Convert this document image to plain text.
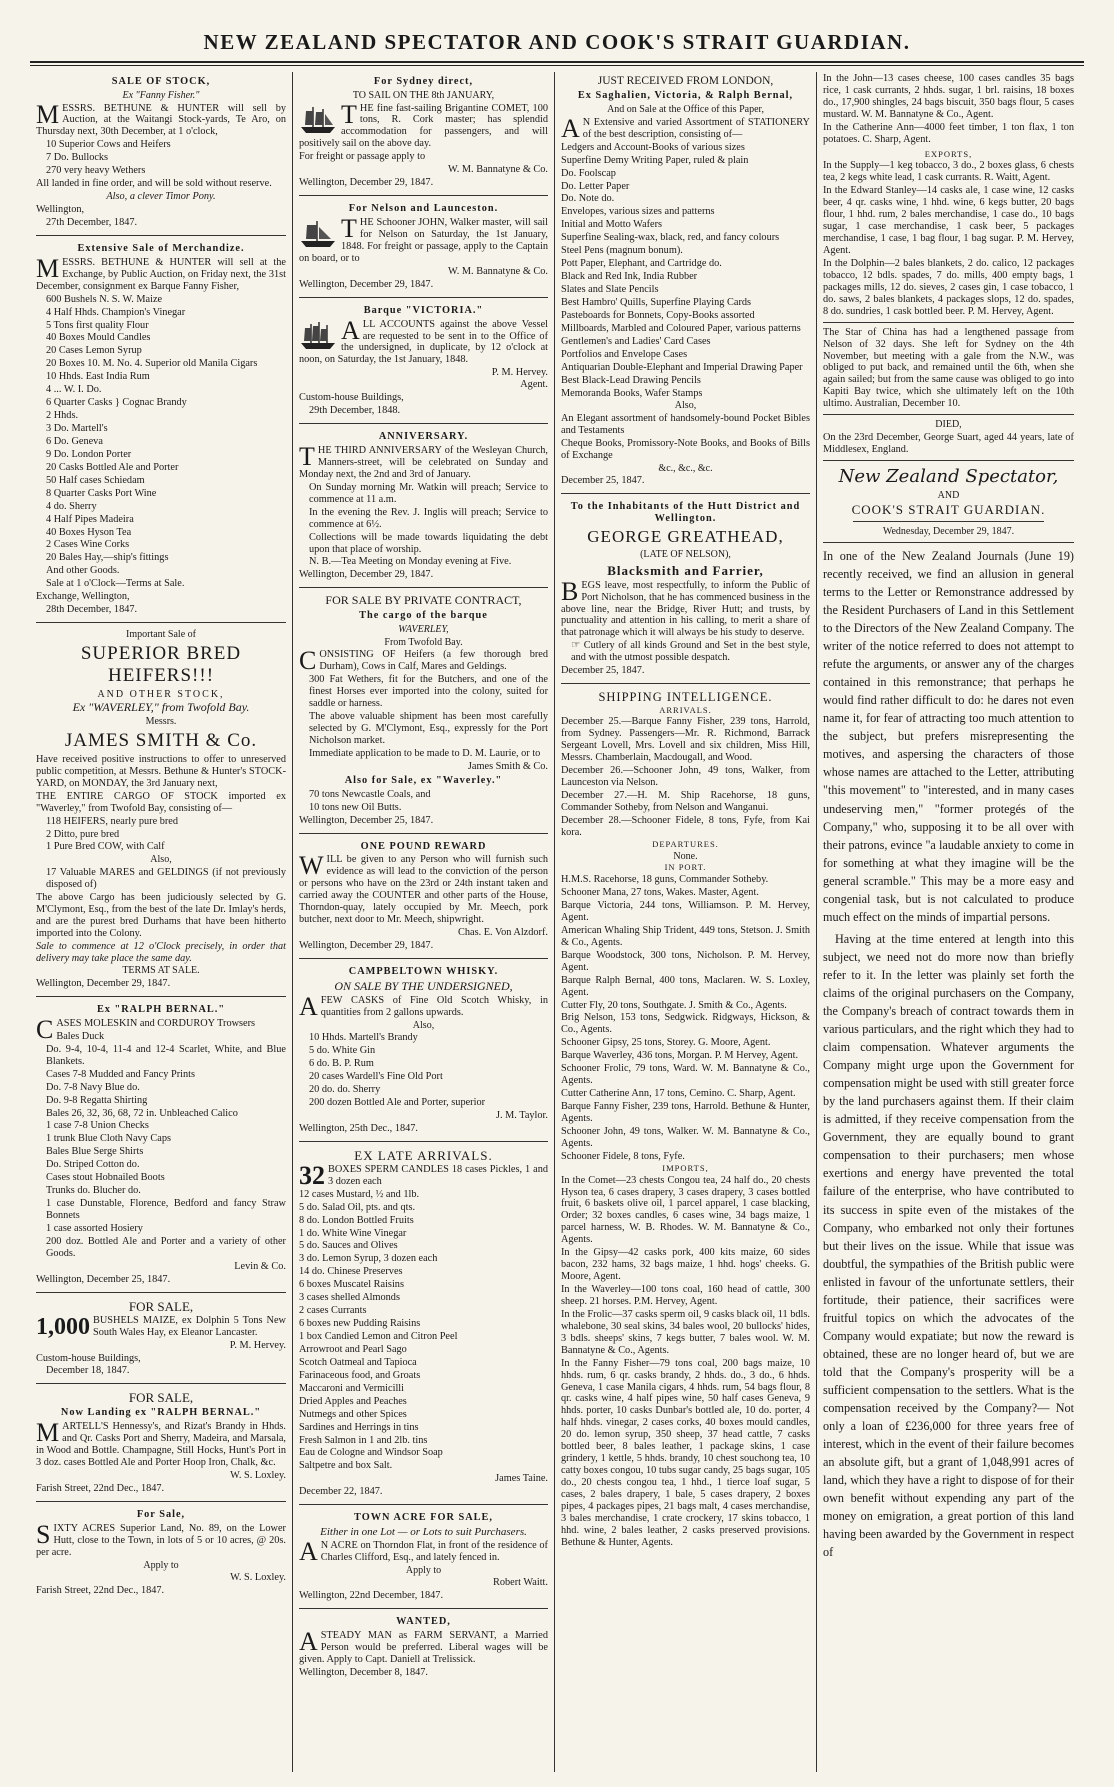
NEW ZEALAND SPECTATOR AND COOK'S STRAIT GUARDIAN.
SALE OF STOCK,
Ex "Fanny Fisher."
MESSRS. BETHUNE & HUNTER will sell by Auction, at the Waitangi Stock-yards, Te Aro, on Thursday next, 30th December, at 1 o'clock,
10 Superior Cows and Heifers
7 Do. Bullocks
270 very heavy Wethers
All landed in fine order, and will be sold without reserve.
Also, a clever Timor Pony.
Wellington,
27th December, 1847.
Extensive Sale of Merchandize.
MESSRS. BETHUNE & HUNTER will sell at the Exchange, by Public Auction, on Friday next, the 31st December, consignment ex Barque Fanny Fisher,
600 Bushels N. S. W. Maize
4 Half Hhds. Champion's Vinegar
5 Tons first quality Flour
40 Boxes Mould Candles
20 Cases Lemon Syrup
20 Boxes 10. M. No. 4. Superior old Manila Cigars
10 Hhds. East India Rum
4 ... W. I. Do.
6 Quarter Casks } Cognac Brandy
2 Hhds.
3 Do. Martell's
6 Do. Geneva
9 Do. London Porter
20 Casks Bottled Ale and Porter
50 Half cases Schiedam
8 Quarter Casks Port Wine
4 do. Sherry
4 Half Pipes Madeira
40 Boxes Hyson Tea
2 Cases Wine Corks
20 Bales Hay,—ship's fittings
And other Goods.
Sale at 1 o'Clock—Terms at Sale.
Exchange, Wellington,
28th December, 1847.
Important Sale of
SUPERIOR BRED HEIFERS!!!
AND OTHER STOCK,
Ex "WAVERLEY," from Twofold Bay.
Messrs.
JAMES SMITH & Co.
Have received positive instructions to offer to unreserved public competition, at Messrs. Bethune & Hunter's STOCK-YARD, on MONDAY, the 3rd January next,
THE ENTIRE CARGO OF STOCK imported ex "Waverley," from Twofold Bay, consisting of—
118 HEIFERS, nearly pure bred
2 Ditto, pure bred
1 Pure Bred COW, with Calf
Also,
17 Valuable MARES and GELDINGS (if not previously disposed of)
The above Cargo has been judiciously selected by G. M'Clymont, Esq., from the best of the late Dr. Imlay's herds, and are the purest bred Durhams that have been hitherto imported into the Colony.
Sale to commence at 12 o'Clock precisely, in order that delivery may take place the same day.
TERMS AT SALE.
Wellington, December 29, 1847.
Ex "RALPH BERNAL."
CASES MOLESKIN and CORDUROY Trowsers
Bales Duck
Do. 9-4, 10-4, 11-4 and 12-4 Scarlet, White, and Blue Blankets.
Cases 7-8 Mudded and Fancy Prints
Do. 7-8 Navy Blue do.
Do. 9-8 Regatta Shirting
Bales 26, 32, 36, 68, 72 in. Unbleached Calico
1 case 7-8 Union Checks
1 trunk Blue Cloth Navy Caps
Bales Blue Serge Shirts
Do. Striped Cotton do.
Cases stout Hobnailed Boots
Trunks do. Blucher do.
1 case Dunstable, Florence, Bedford and fancy Straw Bonnets
1 case assorted Hosiery
200 doz. Bottled Ale and Porter and a variety of other Goods.
Levin & Co.
Wellington, December 25, 1847.
FOR SALE,
1,000 BUSHELS MAIZE, ex Dolphin 5 Tons New South Wales Hay, ex Eleanor Lancaster.
P. M. Hervey.
Custom-house Buildings,
December 18, 1847.
FOR SALE,
Now Landing ex "RALPH BERNAL."
MARTELL'S Hennessy's, and Rizat's Brandy in Hhds. and Qr. Casks Port and Sherry, Madeira, and Marsala, in Wood and Bottle. Champagne, Still Hocks, Hunt's Port in 3 doz. cases Bottled Ale and Porter Hoop Iron, Chalk, &c.
W. S. Loxley.
Farish Street, 22nd Dec., 1847.
For Sale,
SIXTY ACRES Superior Land, No. 89, on the Lower Hutt, close to the Town, in lots of 5 or 10 acres, @ 20s. per acre.
Apply to
W. S. Loxley.
Farish Street, 22nd Dec., 1847.
For Sydney direct,
TO SAIL ON THE 8th JANUARY,
THE fine fast-sailing Brigantine COMET, 100 tons, R. Cork master; has splendid accommodation for passengers, and will positively sail on the above day.
For freight or passage apply to
W. M. Bannatyne & Co.
Wellington, December 29, 1847.
For Nelson and Launceston.
THE Schooner JOHN, Walker master, will sail for Nelson on Saturday, the 1st January, 1848. For freight or passage, apply to the Captain on board, or to
W. M. Bannatyne & Co.
Wellington, December 29, 1847.
Barque "VICTORIA."
ALL ACCOUNTS against the above Vessel are requested to be sent in to the Office of the undersigned, in duplicate, by 12 o'clock at noon, on Saturday, the 1st January, 1848.
P. M. Hervey.
Agent.
Custom-house Buildings,
29th December, 1848.
ANNIVERSARY.
THE THIRD ANNIVERSARY of the Wesleyan Church, Manners-street, will be celebrated on Sunday and Monday next, the 2nd and 3rd of January.
On Sunday morning Mr. Watkin will preach; Service to commence at 11 a.m.
In the evening the Rev. J. Inglis will preach; Service to commence at 6½.
Collections will be made towards liquidating the debt upon that place of worship.
N. B.—Tea Meeting on Monday evening at Five.
Wellington, December 29, 1847.
FOR SALE BY PRIVATE CONTRACT,
The cargo of the barque
WAVERLEY,
From Twofold Bay.
CONSISTING OF Heifers (a few thorough bred Durham), Cows in Calf, Mares and Geldings.
300 Fat Wethers, fit for the Butchers, and one of the finest Horses ever imported into the colony, suited for saddle or harness.
The above valuable shipment has been most carefully selected by G. M'Clymont, Esq., expressly for the Port Nicholson market.
Immediate application to be made to D. M. Laurie, or to
James Smith & Co.
Also for Sale, ex "Waverley."
70 tons Newcastle Coals, and
10 tons new Oil Butts.
Wellington, December 25, 1847.
ONE POUND REWARD
WILL be given to any Person who will furnish such evidence as will lead to the conviction of the person or persons who have on the 23rd or 24th instant taken and carried away the COUNTER and other parts of the House, Thorndon-quay, lately occupied by Mr. Meech, pork butcher, next door to Mr. Meech, shipwright.
Chas. E. Von Alzdorf.
Wellington, December 29, 1847.
CAMPBELTOWN WHISKY.
ON SALE BY THE UNDERSIGNED,
AFEW CASKS of Fine Old Scotch Whisky, in quantities from 2 gallons upwards.
Also,
10 Hhds. Martell's Brandy
5 do. White Gin
6 do. B. P. Rum
20 cases Wardell's Fine Old Port
20 do. do. Sherry
200 dozen Bottled Ale and Porter, superior
J. M. Taylor.
Wellington, 25th Dec., 1847.
EX LATE ARRIVALS.
32 BOXES SPERM CANDLES 18 cases Pickles, 1 and 3 dozen each
12 cases Mustard, ½ and 1lb.
5 do. Salad Oil, pts. and qts.
8 do. London Bottled Fruits
1 do. White Wine Vinegar
5 do. Sauces and Olives
3 do. Lemon Syrup, 3 dozen each
14 do. Chinese Preserves
6 boxes Muscatel Raisins
3 cases shelled Almonds
2 cases Currants
6 boxes new Pudding Raisins
1 box Candied Lemon and Citron Peel
Arrowroot and Pearl Sago
Scotch Oatmeal and Tapioca
Farinaceous food, and Groats
Maccaroni and Vermicilli
Dried Apples and Peaches
Nutmegs and other Spices
Sardines and Herrings in tins
Fresh Salmon in 1 and 2lb. tins
Eau de Cologne and Windsor Soap
Saltpetre and box Salt.
James Taine.
December 22, 1847.
TOWN ACRE FOR SALE,
Either in one Lot — or Lots to suit Purchasers.
A N ACRE on Thorndon Flat, in front of the residence of Charles Clifford, Esq., and lately fenced in.
Apply to
Robert Waitt.
Wellington, 22nd December, 1847.
WANTED,
ASTEADY MAN as FARM SERVANT, a Married Person would be preferred. Liberal wages will be given. Apply to Capt. Daniell at Trelissick.
Wellington, December 8, 1847.
JUST RECEIVED FROM LONDON,
Ex Saghalien, Victoria, & Ralph Bernal,
And on Sale at the Office of this Paper,
A N Extensive and varied Assortment of STATIONERY of the best description, consisting of—
Ledgers and Account-Books of various sizes
Superfine Demy Writing Paper, ruled & plain
Do. Foolscap
Do. Letter Paper
Do. Note do.
Envelopes, various sizes and patterns
Initial and Motto Wafers
Superfine Sealing-wax, black, red, and fancy colours
Steel Pens (magnum bonum).
Pott Paper, Elephant, and Cartridge do.
Black and Red Ink, India Rubber
Slates and Slate Pencils
Best Hambro' Quills, Superfine Playing Cards
Pasteboards for Bonnets, Copy-Books assorted
Millboards, Marbled and Coloured Paper, various patterns
Gentlemen's and Ladies' Card Cases
Portfolios and Envelope Cases
Antiquarian Double-Elephant and Imperial Drawing Paper
Best Black-Lead Drawing Pencils
Memoranda Books, Wafer Stamps
Also,
An Elegant assortment of handsomely-bound Pocket Bibles and Testaments
Cheque Books, Promissory-Note Books, and Books of Bills of Exchange
&c., &c., &c.
December 25, 1847.
To the Inhabitants of the Hutt District and Wellington.
GEORGE GREATHEAD,
(LATE OF NELSON),
Blacksmith and Farrier,
BEGS leave, most respectfully, to inform the Public of Port Nicholson, that he has commenced business in the above line, near the Bridge, River Hutt; and trusts, by punctuality and attention in his calling, to merit a share of that patronage which it will always be his study to deserve.
☞ Cutlery of all kinds Ground and Set in the best style, and with the utmost possible despatch.
December 25, 1847.
SHIPPING INTELLIGENCE.
ARRIVALS.
December 25.—Barque Fanny Fisher, 239 tons, Harrold, from Sydney. Passengers—Mr. R. Richmond, Barrack Sergeant Lovell, Mrs. Lovell and six children, Miss Hill, Messrs. Chamberlain, Macdougall, and Wood.
December 26.—Schooner John, 49 tons, Walker, from Launceston via Nelson.
December 27.—H. M. Ship Racehorse, 18 guns, Commander Sotheby, from Nelson and Wanganui.
December 28.—Schooner Fidele, 8 tons, Fyfe, from Kai kora.
DEPARTURES.
None.
IN PORT.
H.M.S. Racehorse, 18 guns, Commander Sotheby.
Schooner Mana, 27 tons, Wakes. Master, Agent.
Barque Victoria, 244 tons, Williamson. P. M. Hervey, Agent.
American Whaling Ship Trident, 449 tons, Stetson. J. Smith & Co., Agents.
Barque Woodstock, 300 tons, Nicholson. P. M. Hervey, Agent.
Barque Ralph Bernal, 400 tons, Maclaren. W. S. Loxley, Agent.
Cutter Fly, 20 tons, Southgate. J. Smith & Co., Agents.
Brig Nelson, 153 tons, Sedgwick. Ridgways, Hickson, & Co., Agents.
Schooner Gipsy, 25 tons, Storey. G. Moore, Agent.
Barque Waverley, 436 tons, Morgan. P. M Hervey, Agent.
Schooner Frolic, 79 tons, Ward. W. M. Bannatyne & Co., Agents.
Cutter Catherine Ann, 17 tons, Cemino. C. Sharp, Agent.
Barque Fanny Fisher, 239 tons, Harrold. Bethune & Hunter, Agents.
Schooner John, 49 tons, Walker. W. M. Bannatyne & Co., Agents.
Schooner Fidele, 8 tons, Fyfe.
IMPORTS,
In the Comet—23 chests Congou tea, 24 half do., 20 chests Hyson tea, 6 cases drapery, 3 cases drapery, 3 cases bottled fruit, 6 baskets olive oil, 1 parcel apparel, 1 case blacking, Order; 32 boxes candles, 6 cases wine, 34 bags maize, 1 parcel harness, W. B. Rhodes. W. M. Bannatyne & Co., Agents.
In the Gipsy—42 casks pork, 400 kits maize, 60 sides bacon, 232 hams, 32 bags maize, 1 hhd. hogs' cheeks. G. Moore, Agent.
In the Waverley—100 tons coal, 160 head of cattle, 300 sheep. 21 horses. P.M. Hervey, Agent.
In the Frolic—37 casks sperm oil, 9 casks black oil, 11 bdls. whalebone, 30 seal skins, 34 bales wool, 20 bullocks' hides, 3 bdls. sheeps' skins, 7 kegs butter, 7 bales wool. W. M. Bannatyne & Co., Agents.
In the Fanny Fisher—79 tons coal, 200 bags maize, 10 hhds. rum, 6 qr. casks brandy, 2 hhds. do., 3 do., 6 hhds. Geneva, 1 case Manila cigars, 4 hhds. rum, 54 bags flour, 8 qr. casks wine, 4 half pipes wine, 50 half cases Geneva, 9 hhds. porter, 10 casks Dunbar's bottled ale, 10 do. porter, 4 half hhds. vinegar, 2 cases corks, 40 boxes mould candles, 20 do. lemon syrup, 350 sheep, 37 head cattle, 7 casks bottled beer, 8 bales leather, 1 package skins, 1 case grindery, 1 kettle, 5 hhds. brandy, 10 chest souchong tea, 10 catty boxes congou, 10 tubs sugar candy, 25 bags sugar, 105 do., 20 chests congou tea, 1 hhd., 1 tierce loaf sugar, 5 cases, 2 bales drapery, 1 bale, 5 cases drapery, 2 boxes pipes, 4 packages pipes, 21 bags malt, 4 cases merchandise, 3 bales merchandise, 1 crate crockery, 17 skins tobacco, 1 hhd. wine, 2 bales leather, 2 casks preserved provisions. Bethune & Hunter, Agents.
In the John—13 cases cheese, 100 cases candles 35 bags rice, 1 cask currants, 2 hhds. sugar, 1 brl. raisins, 18 boxes do., 17,900 shingles, 24 bags biscuit, 350 bags flour, 5 cases mustard. W. M. Bannatyne & Co., Agent.
In the Catherine Ann—4000 feet timber, 1 ton flax, 1 ton potatoes. C. Sharp, Agent.
EXPORTS,
In the Supply—1 keg tobacco, 3 do., 2 boxes glass, 6 chests tea, 2 kegs white lead, 1 cask currants. R. Waitt, Agent.
In the Edward Stanley—14 casks ale, 1 case wine, 12 casks beer, 4 qr. casks wine, 1 hhd. wine, 6 kegs butter, 20 bags flour, 1 hhd. rum, 2 bales merchandise, 1 case do., 10 bags sugar, 1 case merchandise, 1 cask beer, 5 packages merchandise, 1 case, 1 bag flour, 1 bag sugar. P. M. Hervey, Agent.
In the Dolphin—2 bales blankets, 2 do. calico, 12 packages tobacco, 12 bdls. spades, 7 do. mills, 400 empty bags, 1 packages mills, 12 do. sieves, 2 cases gin, 1 case tobacco, 1 do. saws, 2 bales blankets, 4 packages slops, 12 do. spades, 8 do. sundries, 1 cask bottled beer. P. M. Hervey, Agent.
The Star of China has had a lengthened passage from Nelson of 32 days. She left for Sydney on the 4th November, but meeting with a gale from the N.W., was obliged to put back, and remained until the 6th, when she again sailed; but from the same cause was obliged to go into Kapiti Bay twice, which she ultimately left on the 10th ultimo. Australian, December 10.
DIED,
On the 23rd December, George Suart, aged 44 years, late of Middlesex, England.
New Zealand Spectator,
AND
COOK'S STRAIT GUARDIAN.
Wednesday, December 29, 1847.
In one of the New Zealand Journals (June 19) recently received, we find an allusion in general terms to the Letter or Remonstrance addressed by the Resident Purchasers of Land in this Settlement to the Directors of the New Zealand Company. The writer of the notice referred to does not attempt to refute the arguments, or answer any of the charges contained in this remonstrance; that perhaps he would find rather difficult to do: he dares not even name it, for fear of attracting too much attention to the subject, but prefers misrepresenting the motives, and aspersing the characters of those whose names are attached to the Letter, attributing "this movement" to "interested, and in many cases undeserving men," "former protegés of the Company," who, supposing it to be all over with their patrons, evince "a laudable anxiety to come in for something at what they imagine will be the general scramble." This may be a more easy and congenial task, but is not calculated to produce much effect on the minds of impartial persons.
Having at the time entered at length into this subject, we need not do more now than briefly refer to it. In the letter was plainly set forth the claims of the original purchasers on the Company, the Company's breach of contract towards them in various particulars, and the right which they had to claim compensation. Whatever arguments the Company might urge upon the Government for compensation might be used with still greater force by the land purchasers against them. If their claim is admitted, if they receive compensation from the Government, they are equally bound to grant compensation to their purchasers; men whose exertions and energy have prevented the total failure of the enterprise, who have contributed to its success in spite even of the mistakes of the Company, who embarked not only their fortunes but their lives on the issue. While that issue was doubtful, the sympathies of the British public were enlisted in favour of the unfortunate settlers, their fortitude, their patience, their sacrifices were fruitful topics on which the advocates of the Company would expatiate; but now the reward is obtained, these are no longer heard of, but we are told that the Company's prosperity will be a sufficient compensation to the settlers. What is the compensation received by the Company?— Not only a loan of £236,000 for three years free of interest, which in the event of their failure becomes an absolute gift, but a grant of 1,048,991 acres of land, which they have a right to dispose of for their own benefit without expending any part of the money on emigration, a great portion of this land having been awarded by the Government in respect of
